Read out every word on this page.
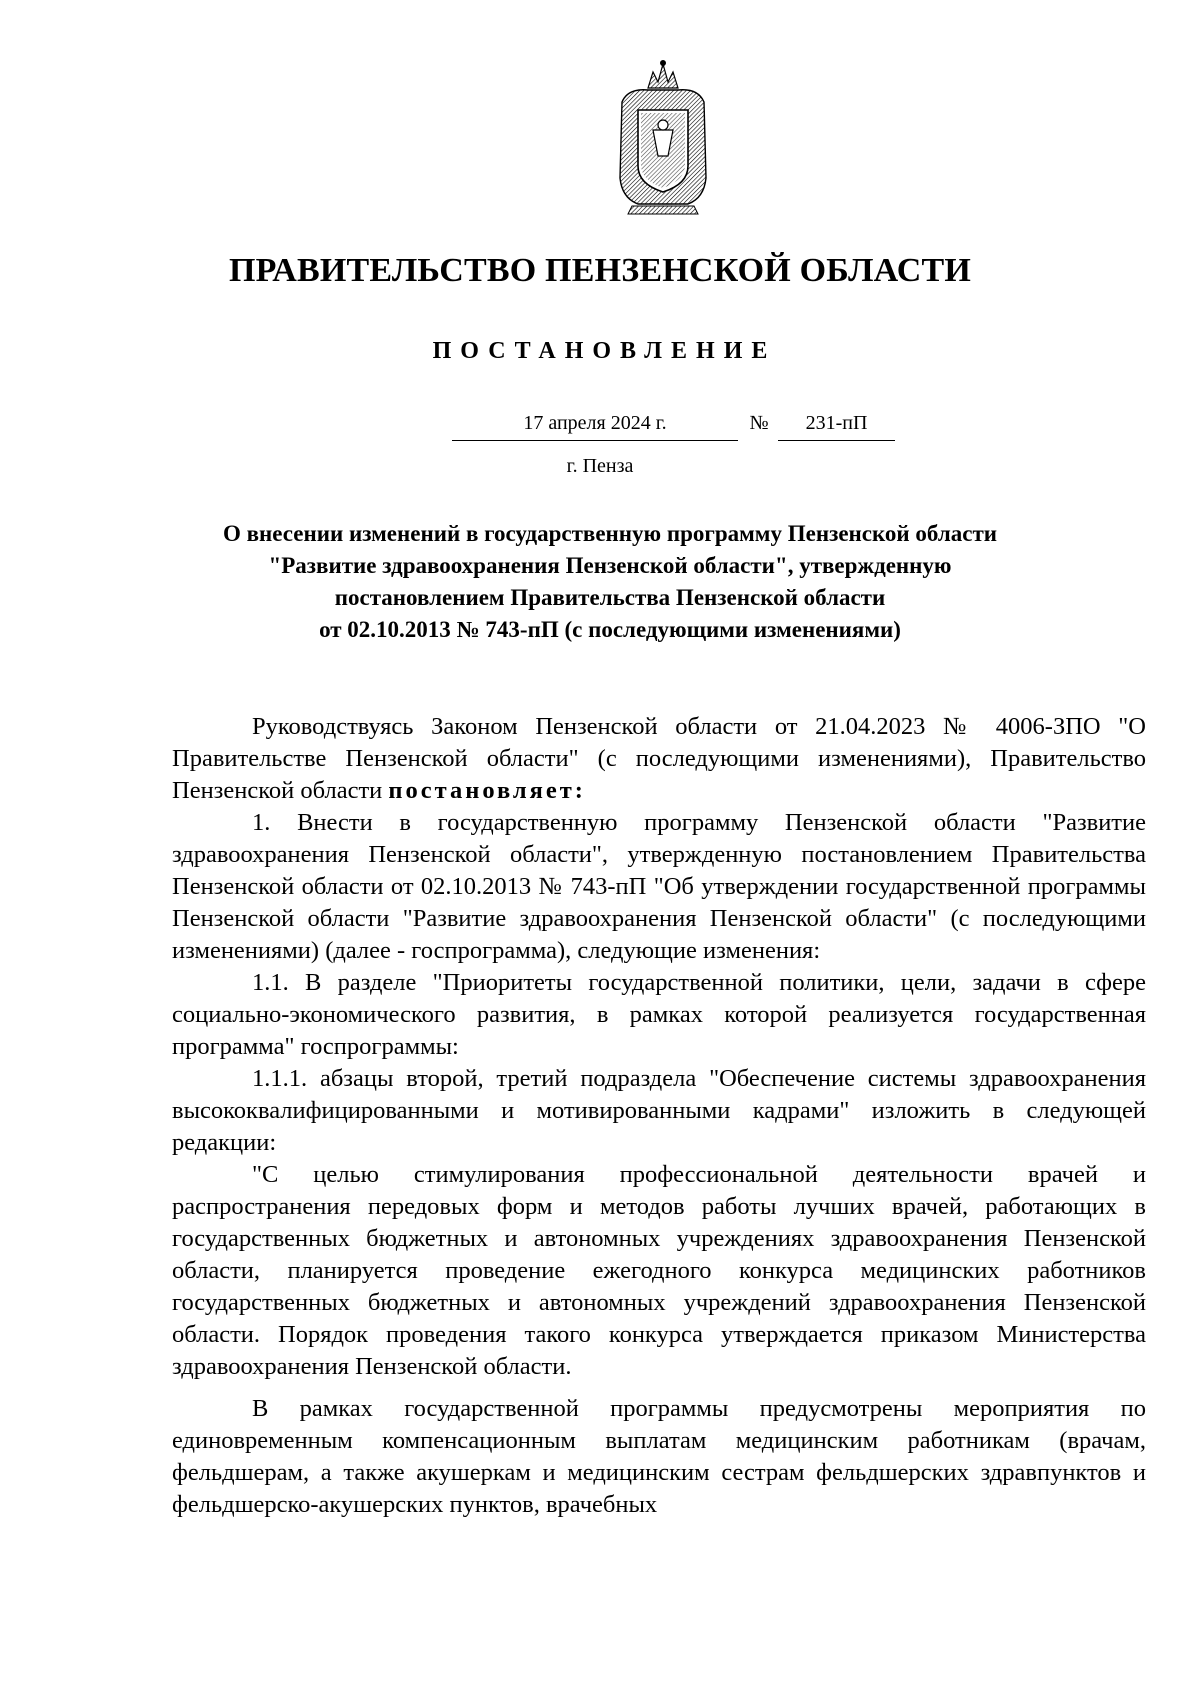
ПРАВИТЕЛЬСТВО ПЕНЗЕНСКОЙ ОБЛАСТИ
ПОСТАНОВЛЕНИЕ
17 апреля 2024 г.	№	231-пП
г. Пенза
О внесении изменений в государственную программу Пензенской области
"Развитие здравоохранения Пензенской области", утвержденную
постановлением Правительства Пензенской области
от 02.10.2013 № 743-пП (с последующими изменениями)

Руководствуясь Законом Пензенской области от 21.04.2023 № 4006-ЗПО "О Правительстве Пензенской области" (с последующими изменениями), Правительство Пензенской области постановляет:

1. Внести в государственную программу Пензенской области "Развитие здравоохранения Пензенской области", утвержденную постановлением Правительства Пензенской области от 02.10.2013 № 743-пП "Об утверждении государственной программы Пензенской области "Развитие здравоохранения Пензенской области" (с последующими изменениями) (далее - госпрограмма), следующие изменения:

1.1. В разделе "Приоритеты государственной политики, цели, задачи в сфере социально-экономического развития, в рамках которой реализуется государственная программа" госпрограммы:

1.1.1. абзацы второй, третий подраздела "Обеспечение системы здравоохранения высококвалифицированными и мотивированными кадрами" изложить в следующей редакции:

"С целью стимулирования профессиональной деятельности врачей и распространения передовых форм и методов работы лучших врачей, работающих в государственных бюджетных и автономных учреждениях здравоохранения Пензенской области, планируется проведение ежегодного конкурса медицинских работников государственных бюджетных и автономных учреждений здравоохранения Пензенской области. Порядок проведения такого конкурса утверждается приказом Министерства здравоохранения Пензенской области.

В рамках государственной программы предусмотрены мероприятия по единовременным компенсационным выплатам медицинским работникам (врачам, фельдшерам, а также акушеркам и медицинским сестрам фельдшерских здравпунктов и фельдшерско-акушерских пунктов, врачебных
